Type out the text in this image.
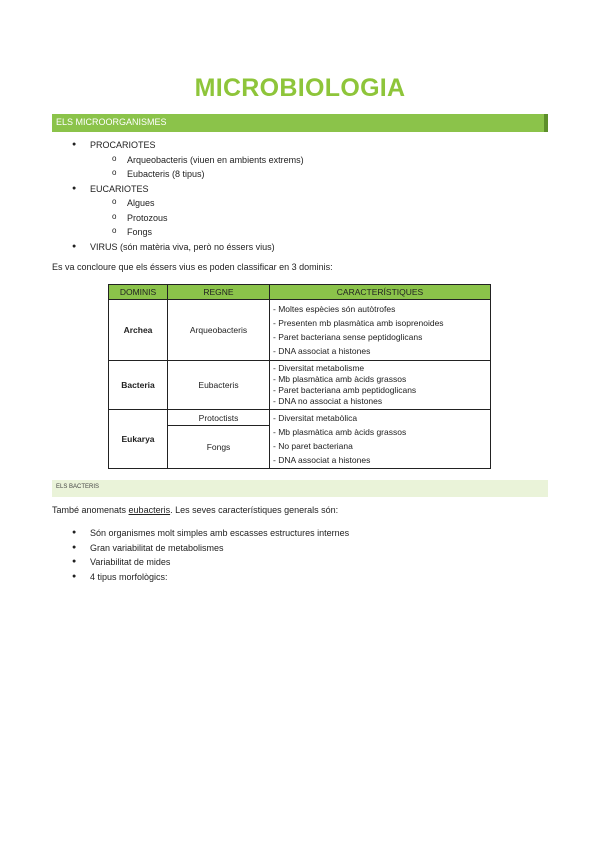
MICROBIOLOGIA
ELS MICROORGANISMES
● PROCARIOTES
o Arqueobacteris (viuen en ambients extrems)
o Eubacteris (8 tipus)
● EUCARIOTES
o Algues
o Protozous
o Fongs
● VIRUS (són matèria viva, però no éssers vius)
Es va concloure que els éssers vius es poden classificar en 3 dominis:
DOMINIS	REGNE	CARACTERÍSTIQUES
Archea	Arqueobacteris	- Moltes espècies són autòtrofes
- Presenten mb plasmàtica amb isoprenoides
- Paret bacteriana sense peptidoglicans
- DNA associat a histones

Bacteria	Eubacteris	- Diversitat metabolisme
- Mb plasmàtica amb àcids grassos
- Paret bacteriana amb peptidoglicans
- DNA no associat a histones

Eukarya	Protoctists	- Diversitat metabòlica
- Mb plasmàtica amb àcids grassos
- No paret bacteriana
- DNA associat a histones

	Fongs	
ELS BACTERIS
També anomenats eubacteris. Les seves característiques generals són:
● Són organismes molt simples amb escasses estructures internes
● Gran variabilitat de metabolismes
● Variabilitat de mides
● 4 tipus morfològics:
